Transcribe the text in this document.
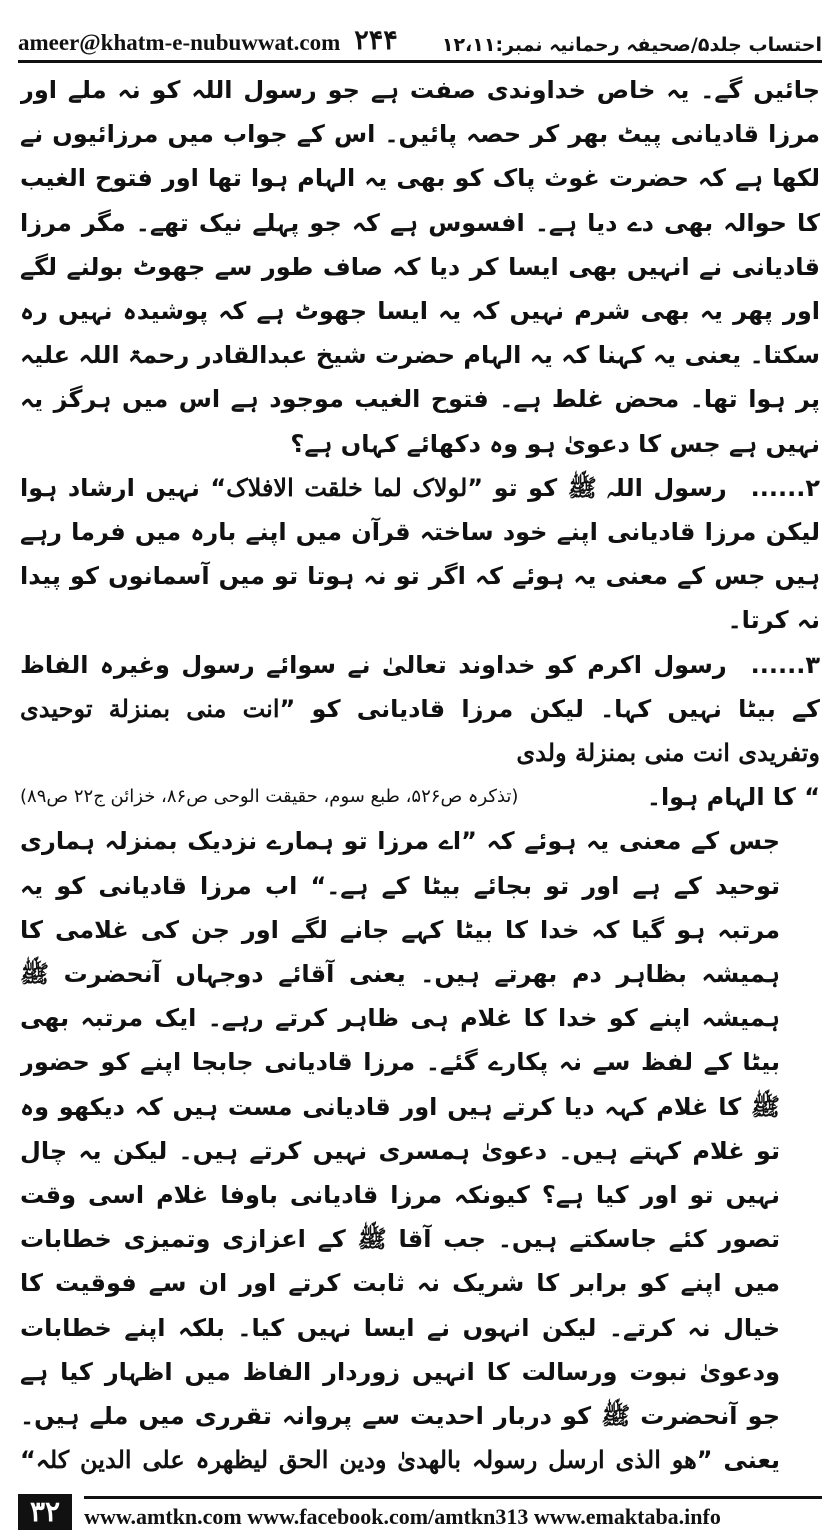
ameer@khatm-e-nubuwwat.com ۲۴۴ احتساب جلد۵/صحیفہ رحمانیہ نمبر:۱۲،۱۱

جائیں گے۔ یہ خاص خداوندی صفت ہے جو رسول اللہ کو نہ ملے اور مرزا قادیانی پیٹ بھر کر حصہ پائیں۔ اس کے جواب میں مرزائیوں نے لکھا ہے کہ حضرت غوث پاک کو بھی یہ الہام ہوا تھا اور فتوح الغیب کا حوالہ بھی دے دیا ہے۔ افسوس ہے کہ جو پہلے نیک تھے۔ مگر مرزا قادیانی نے انہیں بھی ایسا کر دیا کہ صاف طور سے جھوٹ بولنے لگے اور پھر یہ بھی شرم نہیں کہ یہ ایسا جھوٹ ہے کہ پوشیدہ نہیں رہ سکتا۔ یعنی یہ کہنا کہ یہ الہام حضرت شیخ عبدالقادر رحمۃ اللہ علیہ پر ہوا تھا۔ محض غلط ہے۔ فتوح الغیب موجود ہے اس میں ہرگز یہ نہیں ہے جس کا دعویٰ ہو وہ دکھائے کہاں ہے؟

۲......رسول اللہ ﷺ کو تو ”لولاک لما خلقت الافلاک“ نہیں ارشاد ہوا لیکن مرزا قادیانی اپنے خود ساختہ قرآن میں اپنے بارہ میں فرما رہے ہیں جس کے معنی یہ ہوئے کہ اگر تو نہ ہوتا تو میں آسمانوں کو پیدا نہ کرتا۔

۳......رسول اکرم کو خداوند تعالیٰ نے سوائے رسول وغیرہ الفاظ کے بیٹا نہیں کہا۔ لیکن مرزا قادیانی کو ”انت منی بمنزلة توحیدی وتفریدی انت منی بمنزلة ولدی

“ کا الہام ہوا۔
(تذکرہ ص۵۲۶، طبع سوم، حقیقت الوحی ص۸۶، خزائن ج۲۲ ص۸۹)

جس کے معنی یہ ہوئے کہ ”اے مرزا تو ہمارے نزدیک بمنزلہ ہماری توحید کے ہے اور تو بجائے بیٹا کے ہے۔“ اب مرزا قادیانی کو یہ مرتبہ ہو گیا کہ خدا کا بیٹا کہے جانے لگے اور جن کی غلامی کا ہمیشہ بظاہر دم بھرتے ہیں۔ یعنی آقائے دوجہاں آنحضرت ﷺ ہمیشہ اپنے کو خدا کا غلام ہی ظاہر کرتے رہے۔ ایک مرتبہ بھی بیٹا کے لفظ سے نہ پکارے گئے۔ مرزا قادیانی جابجا اپنے کو حضور ﷺ کا غلام کہہ دیا کرتے ہیں اور قادیانی مست ہیں کہ دیکھو وہ تو غلام کہتے ہیں۔ دعویٰ ہمسری نہیں کرتے ہیں۔ لیکن یہ چال نہیں تو اور کیا ہے؟ کیونکہ مرزا قادیانی باوفا غلام اسی وقت تصور کئے جاسکتے ہیں۔ جب آقا ﷺ کے اعزازی وتمیزی خطابات میں اپنے کو برابر کا شریک نہ ثابت کرتے اور ان سے فوقیت کا خیال نہ کرتے۔ لیکن انہوں نے ایسا نہیں کیا۔ بلکہ اپنے خطابات ودعویٰ نبوت ورسالت کا انہیں زوردار الفاظ میں اظہار کیا ہے جو آنحضرت ﷺ کو دربار احدیت سے پروانہ تقرری میں ملے ہیں۔ یعنی ”ھو الذی ارسل رسولہ بالھدیٰ ودین الحق لیظھرہ علی الدین کلہ“

۳۲	www.amtkn.com www.facebook.com/amtkn313 www.emaktaba.info
